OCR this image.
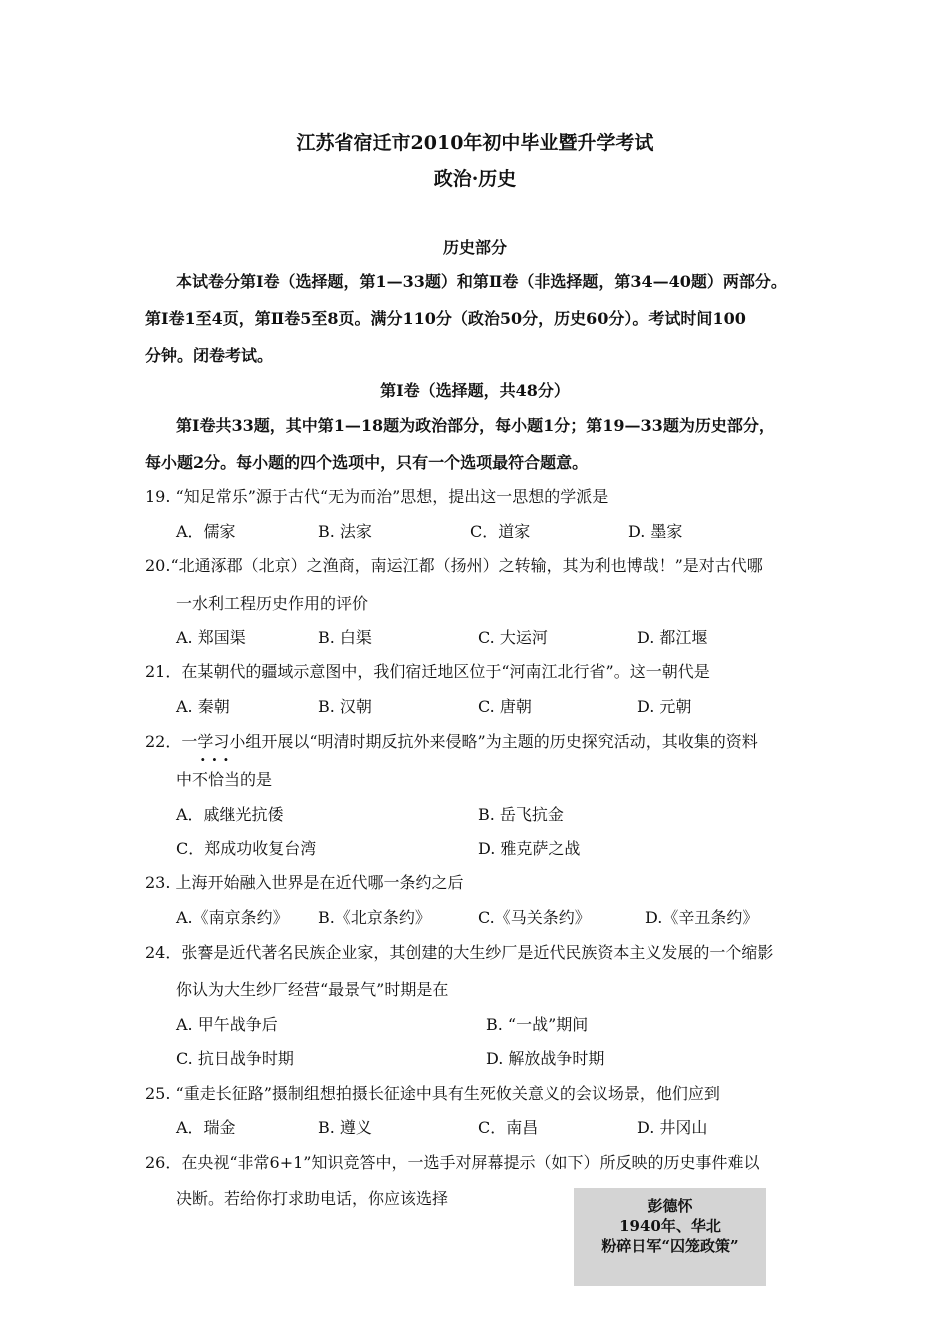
江苏省宿迁市2010年初中毕业暨升学考试
政治·历史
历史部分
本试卷分第Ⅰ卷（选择题，第1—33题）和第Ⅱ卷（非选择题，第34—40题）两部分。
第Ⅰ卷1至4页，第Ⅱ卷5至8页。满分110分（政治50分，历史60分）。考试时间100
分钟。闭卷考试。
第Ⅰ卷（选择题，共48分）
第Ⅰ卷共33题，其中第1—18题为政治部分，每小题1分；第19—33题为历史部分，
每小题2分。每小题的四个选项中，只有一个选项最符合题意。
19. “知足常乐”源于古代“无为而治”思想，提出这一思想的学派是
A．儒家	B. 法家	C．道家	D. 墨家
20.“北通涿郡（北京）之渔商，南运江都（扬州）之转输，其为利也博哉！”是对古代哪
一水利工程历史作用的评价
A. 郑国渠	B. 白渠	C. 大运河	D. 都江堰
21．在某朝代的疆域示意图中，我们宿迁地区位于“河南江北行省”。这一朝代是
A. 秦朝	B. 汉朝	C. 唐朝	D. 元朝
22．一学习小组开展以“明清时期反抗外来侵略”为主题的历史探究活动，其收集的资料
...
中不恰当的是
A．戚继光抗倭	B. 岳飞抗金
C．郑成功收复台湾	D. 雅克萨之战
23. 上海开始融入世界是在近代哪一条约之后
A.《南京条约》 B.《北京条约》	C.《马关条约》	D.《辛丑条约》
24．张謇是近代著名民族企业家，其创建的大生纱厂是近代民族资本主义发展的一个缩影
你认为大生纱厂经营“最景气”时期是在
A. 甲午战争后	B. “一战”期间
C. 抗日战争时期	D. 解放战争时期
25. “重走长征路”摄制组想拍摄长征途中具有生死攸关意义的会议场景，他们应到
A．瑞金	B. 遵义	C．南昌	D. 井冈山
26．在央视“非常6+1”知识竞答中，一选手对屏幕提示（如下）所反映的历史事件难以
决断。若给你打求助电话，你应该选择	彭德怀
1940年、华北
粉碎日军“囚笼政策”
